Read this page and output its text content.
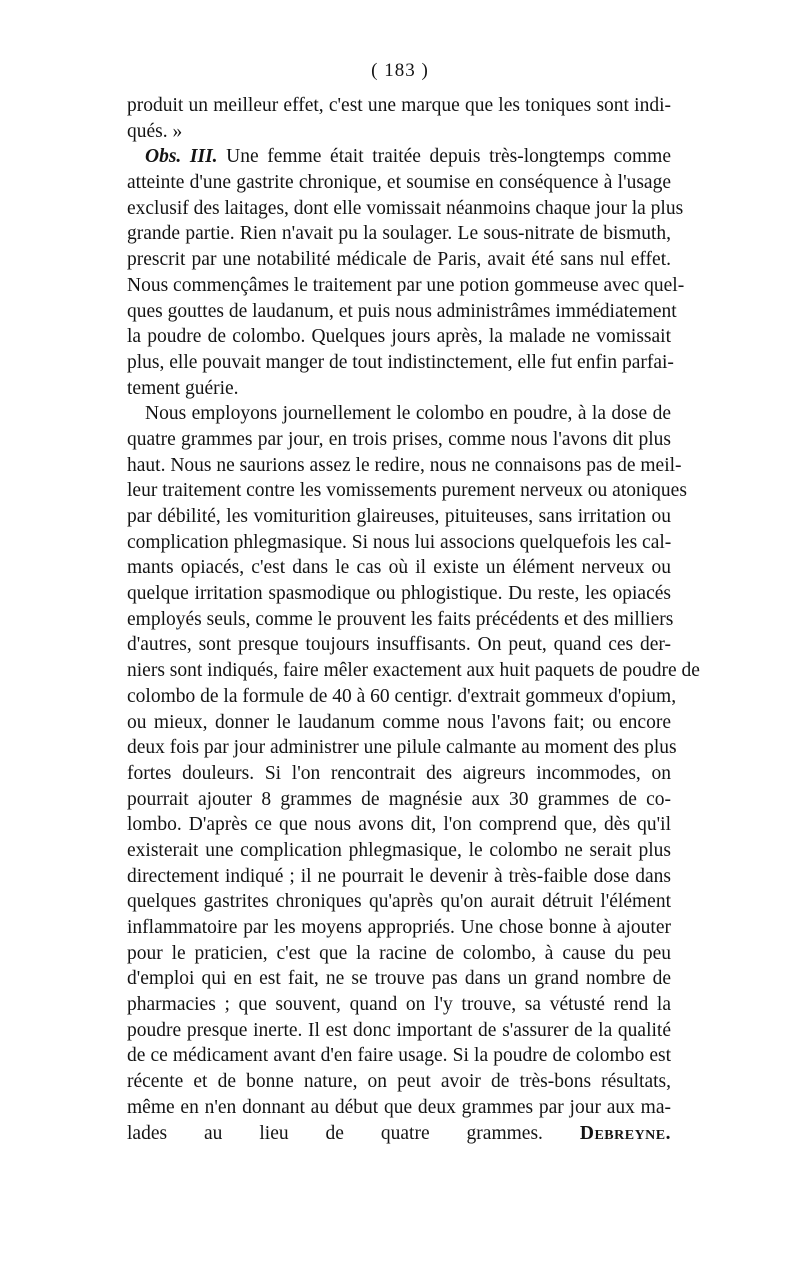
( 183 )
produit un meilleur effet, c'est une marque que les toniques sont indi-
qués. »
Obs. III. Une femme était traitée depuis très-longtemps comme
atteinte d'une gastrite chronique, et soumise en conséquence à l'usage
exclusif des laitages, dont elle vomissait néanmoins chaque jour la plus
grande partie. Rien n'avait pu la soulager. Le sous-nitrate de bismuth,
prescrit par une notabilité médicale de Paris, avait été sans nul effet.
Nous commençâmes le traitement par une potion gommeuse avec quel-
ques gouttes de laudanum, et puis nous administrâmes immédiatement
la poudre de colombo. Quelques jours après, la malade ne vomissait
plus, elle pouvait manger de tout indistinctement, elle fut enfin parfai-
tement guérie.
Nous employons journellement le colombo en poudre, à la dose de
quatre grammes par jour, en trois prises, comme nous l'avons dit plus
haut. Nous ne saurions assez le redire, nous ne connaisons pas de meil-
leur traitement contre les vomissements purement nerveux ou atoniques
par débilité, les vomiturition glaireuses, pituiteuses, sans irritation ou
complication phlegmasique. Si nous lui associons quelquefois les cal-
mants opiacés, c'est dans le cas où il existe un élément nerveux ou
quelque irritation spasmodique ou phlogistique. Du reste, les opiacés
employés seuls, comme le prouvent les faits précédents et des milliers
d'autres, sont presque toujours insuffisants. On peut, quand ces der-
niers sont indiqués, faire mêler exactement aux huit paquets de poudre de
colombo de la formule de 40 à 60 centigr. d'extrait gommeux d'opium,
ou mieux, donner le laudanum comme nous l'avons fait; ou encore
deux fois par jour administrer une pilule calmante au moment des plus
fortes douleurs. Si l'on rencontrait des aigreurs incommodes, on
pourrait ajouter 8 grammes de magnésie aux 30 grammes de co-
lombo. D'après ce que nous avons dit, l'on comprend que, dès qu'il
existerait une complication phlegmasique, le colombo ne serait plus
directement indiqué ; il ne pourrait le devenir à très-faible dose dans
quelques gastrites chroniques qu'après qu'on aurait détruit l'élément
inflammatoire par les moyens appropriés. Une chose bonne à ajouter
pour le praticien, c'est que la racine de colombo, à cause du peu
d'emploi qui en est fait, ne se trouve pas dans un grand nombre de
pharmacies ; que souvent, quand on l'y trouve, sa vétusté rend la
poudre presque inerte. Il est donc important de s'assurer de la qualité
de ce médicament avant d'en faire usage. Si la poudre de colombo est
récente et de bonne nature, on peut avoir de très-bons résultats,
même en n'en donnant au début que deux grammes par jour aux ma-
lades au lieu de quatre grammes. Debreyne.
